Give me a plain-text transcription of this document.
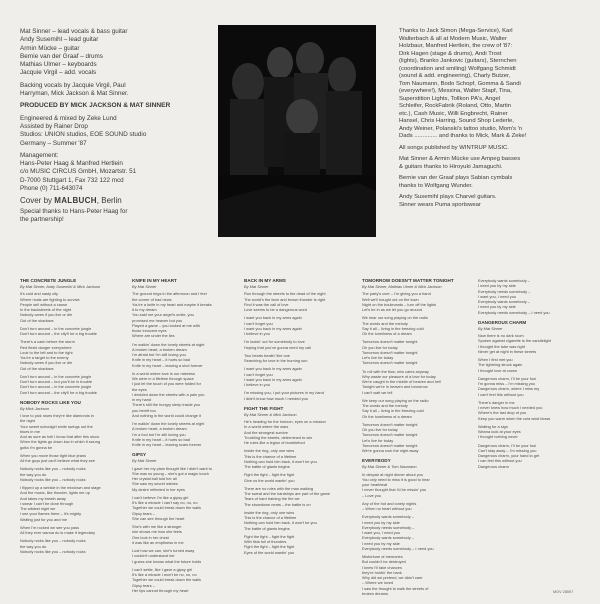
Mat Sinner – lead vocals & bass guitar
Andy Susemihl – lead guitar
Armin Mücke – guitar
Bernie van der Graaf – drums
Mathias Ulmer – keyboards
Jacquie Virgil – add. vocals
Backing vocals by Jacquie Virgil, Paul
Harryman, Mick Jackson & Mat Sinner.
PRODUCED BY MICK JACKSON & MAT SINNER
Engineered & mixed by Zeke Lund
Assisted by Rainer Drop
Studios: UNION studios, EOE SOUND studio
Germany – Summer '87
Management:
Hans-Peter Haag & Manfred Hertlein
c/o MUSIC CIRCUS GmbH, Mozartstr. 51
D-7000 Stuttgart 1, Fax 732 122 mcd
Phone (0) 711-643074
Cover by MALBUCH, Berlin
Special thanks to Hans-Peter Haag for
the partnership!
Thanks to Jack Simon (Mega-Service), Karl
Walterbach & all at Modern Music, Walter
Holzbaur, Manfred Hertlein, the crew of '87:
Dirk Hagen (stage & drums), Andi Trost
(lights), Branko Jankovic (guitars), Sternchen
(coordination and smiling) Wolfgang Schmidt
(sound & add. engineering), Charly Butzer,
Tom Naumann, Bodo Schopf, Gomma & Sandi
(everywhere!), Messina, Walter Stapf, Tina,
Superstition Lights, Tollkon PA's, Angel
Schleifer, RockFabrik (Roland, Otto, Martin
etc.), Cash Music, Willi Engbrecht, Rainer
Hansel, Chris Harring, Sound Shop Lederle,
Andy Weiner, Polanski's tattoo studio, Mom's 'n
Dads .............. and thanks to Mick, Mark & Zeke!
All songs published by WINTRUP MUSIC.
Mat Sinner & Armin Mücke use Ampeg basses
& guitars thanks to Hiroyuki Jamaguchi.
Bernie van der Graaf plays Sabian cymbals
thanks to Wolfgang Wunder.
Andy Susemihl plays Charvel guitars.
Sinner wears Puma sportswear
THE CONCRETE JUNGLE
By Mat Sinner, Andy Susemihl & Mick Jackson
It's cold and nasty city
Where rivals are fighting to survive
People sell without a cause
In the backstreets of the night
Nobody cares if you live or die
Out of the shadows
Don't turn around – in the concrete jungle
Don't turn around – the city'll be a big trouble
There's a cash before the storm
Red fleshi danger everywhere
Look to the left and to the right
You're a target to the enemy
Nobody cares if you live or die
Out of the shadows
Don't turn around – in the concrete jungle
Don't turn around – but you'll be in trouble
Don't turn around – in the concrete jungle
Don't turn around – the city'll be a big trouble
NOBODY ROCKS LIKE YOU
By Mick Jackson
I love to pick roses they're like diamonds in
the night
Your sweet schoolgirl smile swings out the
blues in me
And as sure as hell I know that after this show
When the lights go down low in which it swung
gotta I'm gonna be
When you move those tight blue jeans
All the guys just can't believe what they see
Nobody rocks like you – nobody rocks
the way you do
Nobody rocks like you – nobody rocks
I flipped up a wrinkle in the mixdown and stage
And the music, like thunder, lights me up
And takes my breath away
I swear I can't be done through
The wildest night we
I see your flames there – it's mighty
Waiting just for you and me
When I'm rocked we see you pass
All they ever wanna do is make it legendary
Nobody rocks like you – nobody rocks
the way you do
Nobody rocks like you – nobody rocks
KNIFE IN MY HEART
By Mat Sinner
The ground rings in the afternoon and I feel
the corner of bad news
You're a knife in my heart and maybe it breaks
it to my dream
You said me your angel's smile, you
promised me heaven but you
Played a game – you looked at me with
those innocent eyes
Where are under the lies
I'm walkin' down the lonely streets at night
A broken heart, a broken dream
I'm afraid but I'm still loving you
Knife in my heart – it hurts so bad
Knife in my heart – leaving a shot forever
In a world where love is our mistress
We were in a lifetime through space
I just let the touch of you were folded for
the eyes
I decided down the streets with a pain you
in my hand
There's still the hungry sleep inside you
you bereft too
And nothing in the world could change it
I'm walkin' down the lonely streets at night
A broken heart, a broken dream
I'm a fool but I'm still loving you
Knife in my heart – it hurts so bad
Knife in my heart – leaving scars forever
GIPSY
By Mat Sinner
I gave her my plain thought like I didn't want to
She was so young – she's got a magic touch
Her crystal ball told her all
She saw my secret wishes
My desire reflected in her eyes
I can't believe I'm like a gipsy girl
It's like a miracle I can't say no, no, no
Together we could break down the walls
Gipsy tears –
She can see through the heart
She's with me like a stranger
she shows me how she feels
One look in her chest
it was like an emptiness in me
Lost how we can, she's turned away
I couldn't understand her
I guess she knows what the future holds
I can't settle, like I gave a gipsy girl
It's like a miracle I won't be no, no, no
Together we could break down the walls
Gipsy tears –
Her lips cannot through my heart
BACK IN MY ARMS
By Mat Sinner
Run through the streets to the dead of the night
The world's the farm and brown thunder is right
Find it was the call of love
Love seems to be a dangerous word
I want you back in my arms again
I can't forget you
I want you back in my arms again
I believe in you
I'm lookin' out for somebody to love
Hoping that you've gonna need my call
Two hearts beatin' like one
Searching for love in the burning sun
I want you back in my arms again
I can't forget you
I want you back in my arms again
I believe in you
I'm missing you, I put your pictures in my hand
I didn't know how much I needed you
FIGHT THE FIGHT
By Mat Sinner & Mick Jackson
He's heading for the horizon, eyes on a mission
In a world where the wars
And the strongest survive
Troubling the streets, determined to win
He rules like a legion of bumblefoot
Inside the ring, only one wins
This is the chance of a lifetime
Nothing can hold him back, it won't be you
The battle of giants begins
Fight the fight – fight the fight
Give us the world wantin' you
There are no rules with the man walking
The sweat and the hardships are part of the game
Tears of hard training the fire we
The showdown nears – the battle is on
Inside the ring, only one wins
This is the chance of a lifetime
Nothing can hold him back, it won't be you
The battle of giants begins
Fight the fight – fight the fight
With fists full of thunders
Fight the fight – fight the fight
Eyes of the world wantin' you
TOMORROW DOESN'T MATTER TONIGHT
By Mat Sinner, Mathias Ulmer & Mick Jackson
The party's over – I'm giving you a hand
Well we'll bought out on the town
Night on the boulevards – turn off the lights
Let's be in as we let you go around
We hear our song playing on the radio
The words and the melody
Say it all – living in the freezing cold
Oh the loneliness of a dream
Tomorrow doesn't matter tonight
Oh you live for today
Tomorrow doesn't matter tonight
Let's live for today
Tomorrow doesn't matter tonight
To roll with the flow, who cares anyway
Why waste our pleasure of a love for today
We're caught in the middle of heaven and hell
Tonight we're in heaven and tomorrow
I can't wait we tell
We keep our song playing on the radio
The words and the melody
Say it all – living in the freezing cold
Oh the loneliness of a dream
Tomorrow doesn't matter tonight
Oh you live for today
Tomorrow doesn't matter tonight
Let's live for today
Tomorrow doesn't matter tonight
We're gonna rock the night away
EVERYBODY
By Mat Sinner & Tom Naumann
In despair at night dinner about you
You only need to miss it is good to hear
your heartbeat
I never thought that I'd be missin' you
– Love you
Any of the hot and lonely nights
– When no heart without you
Everybody wants somebody –
I need you by my side
Everybody needs somebody –
I want you, I need you
Everybody wants somebody –
I need you by my side
Everybody needs somebody – I need you
Misfortune of memories
But couldn't be destroyed
I knew I'll take chances
they're holdin' the bank
Why did we pretend, we didn't care
– Where we loved
I saw the thought to walk the streets of
broken dreams
Everybody wants somebody –
I need you by my side
Everybody needs somebody –
I want you, I need you
Everybody wants somebody –
I need you by my side
Everybody needs somebody – I need you
DANGEROUS CHARM
By Mat Sinner
Now there is no dark room
Spoken against cigarette is the candlelight
I thought the tube was right
Never get at night in these streets
When I first met you
The lightning struck again
I thought love at crown
Dangerous charm, I'll be your fool
I'm gonna miss – I'm missing you
Dangerous charm, where I miss my
I can't feel this without you
There's danger in me
I never knew how much I needed you
Where's the last drop of you
Keep you warm when the cold wind blows
Waiting for a sign
Wanna look at your eyes
I thought nothing never
Dangerous charm, I'll be your fool
Can't stay away – I'm missing you
Dangerous charm, your hand to get
I can feel this without you
Dangerous charm
MOV 28597
